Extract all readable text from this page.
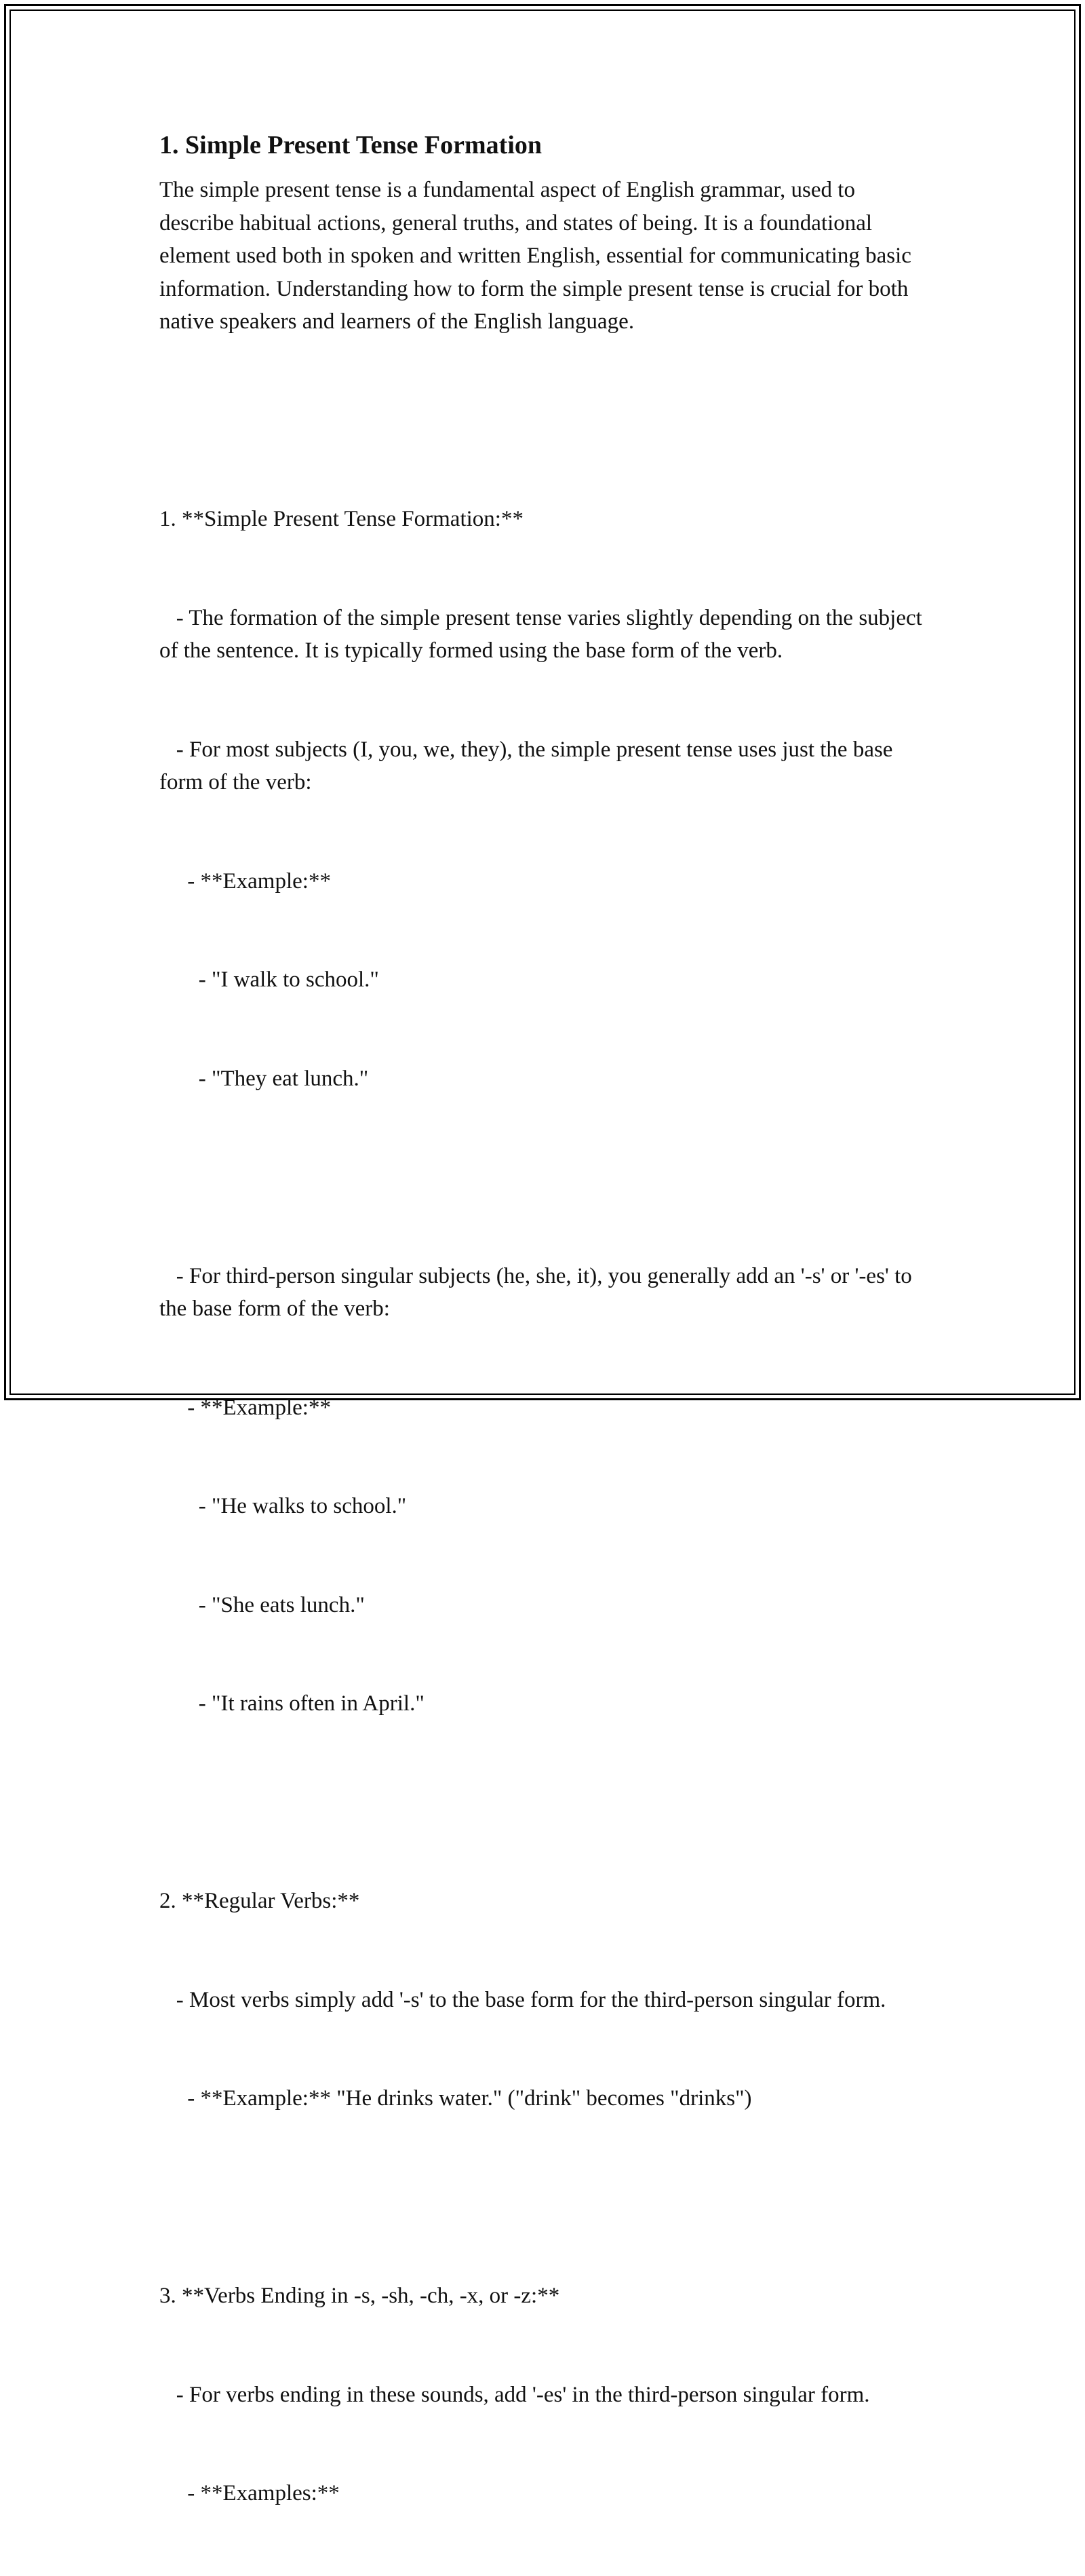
1. Simple Present Tense Formation

The simple present tense is a fundamental aspect of English grammar, used to describe habitual actions, general truths, and states of being. It is a foundational element used both in spoken and written English, essential for communicating basic information. Understanding how to form the simple present tense is crucial for both native speakers and learners of the English language.

1. **Simple Present Tense Formation:**

- The formation of the simple present tense varies slightly depending on the subject of the sentence. It is typically formed using the base form of the verb.

- For most subjects (I, you, we, they), the simple present tense uses just the base form of the verb:

- **Example:**

- "I walk to school."

- "They eat lunch."

- For third-person singular subjects (he, she, it), you generally add an '-s' or '-es' to the base form of the verb:

- **Example:**

- "He walks to school."

- "She eats lunch."

- "It rains often in April."

2. **Regular Verbs:**

- Most verbs simply add '-s' to the base form for the third-person singular form.

- **Example:** "He drinks water." ("drink" becomes "drinks")

3. **Verbs Ending in -s, -sh, -ch, -x, or -z:**

- For verbs ending in these sounds, add '-es' in the third-person singular form.

- **Examples:**
